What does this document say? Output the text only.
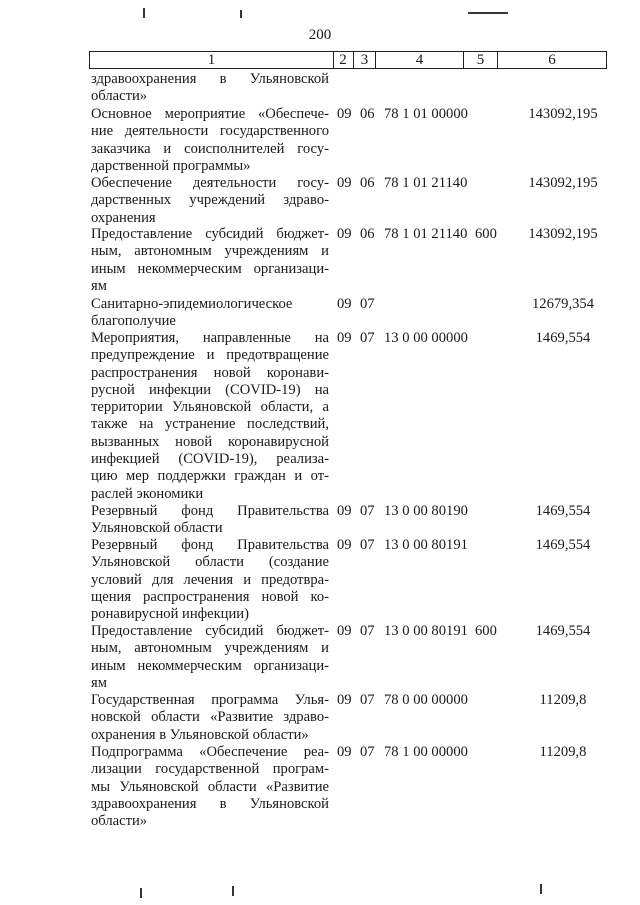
200
1	2 3	4	5	6
здравоохранения в Ульяновской
области»
Основное мероприятие «Обеспече-
ние деятельности государственного
заказчика и соисполнителей госу-
дарственной программы»
09 06 78 1 01 00000	143092,195
Обеспечение деятельности госу-
дарственных учреждений здраво-
охранения
09 06 78 1 01 21140	143092,195
Предоставление субсидий бюджет-
ным, автономным учреждениям и
иным некоммерческим организаци-
ям
09 06 78 1 01 21140 600	143092,195
Санитарно-эпидемиологическое
благополучие
09 07	12679,354
Мероприятия, направленные на
предупреждение и предотвращение
распространения новой коронави-
русной инфекции (COVID-19) на
территории Ульяновской области, а
также на устранение последствий,
вызванных новой коронавирусной
инфекцией (COVID-19), реализа-
цию мер поддержки граждан и от-
раслей экономики
09 07 13 0 00 00000	1469,554
Резервный фонд Правительства
Ульяновской области
09 07 13 0 00 80190	1469,554
Резервный фонд Правительства
Ульяновской области (создание
условий для лечения и предотвра-
щения распространения новой ко-
ронавирусной инфекции)
09 07 13 0 00 80191	1469,554
Предоставление субсидий бюджет-
ным, автономным учреждениям и
иным некоммерческим организаци-
ям
09 07 13 0 00 80191 600	1469,554
Государственная программа Улья-
новской области «Развитие здраво-
охранения в Ульяновской области»
09 07 78 0 00 00000	11209,8
Подпрограмма «Обеспечение реа-
лизации государственной програм-
мы Ульяновской области «Развитие
здравоохранения в Ульяновской
области»
09 07 78 1 00 00000	11209,8
